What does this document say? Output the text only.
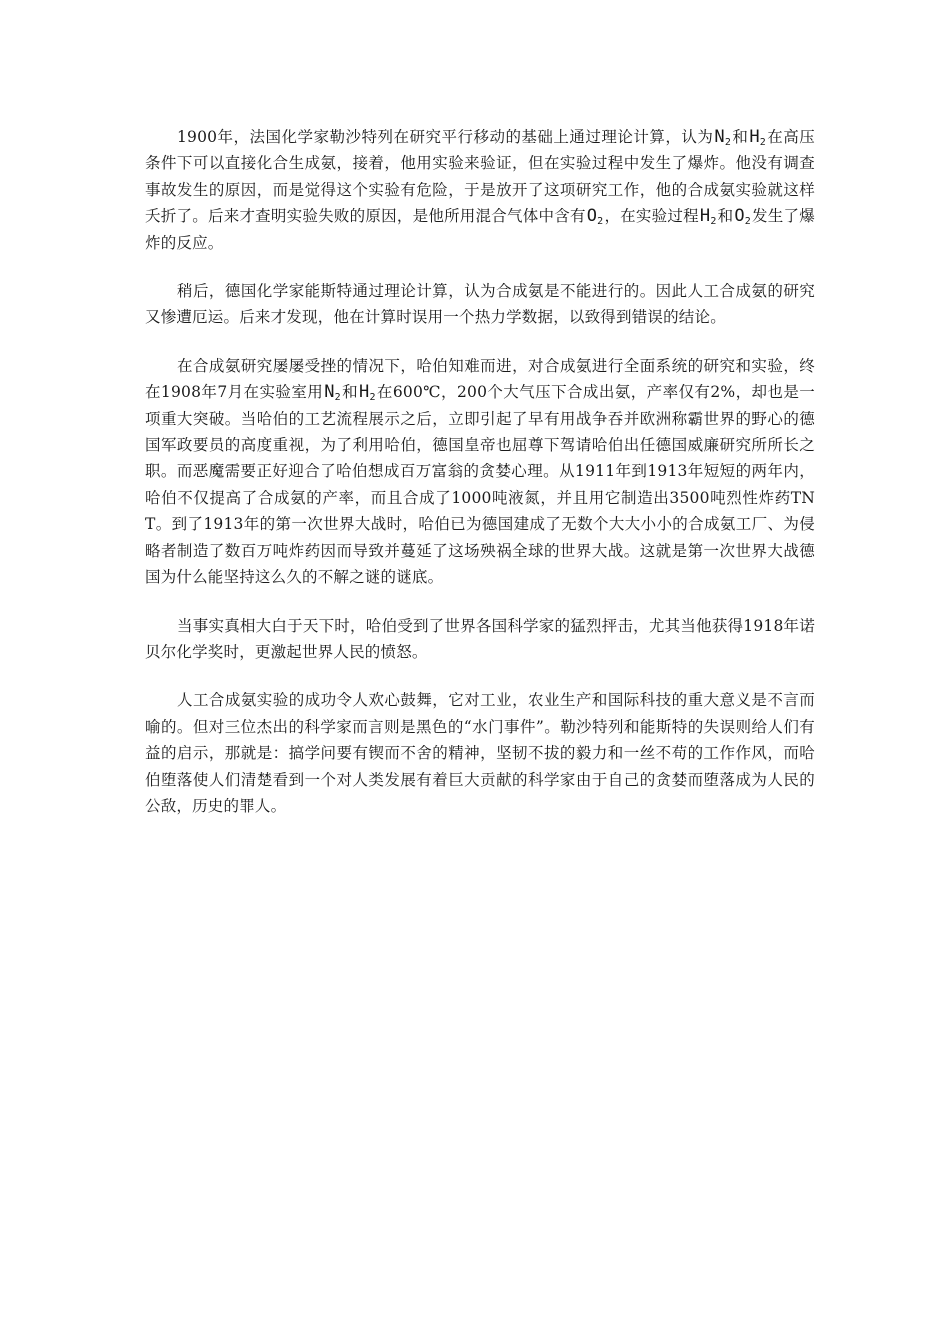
1900年，法国化学家勒沙特列在研究平行移动的基础上通过理论计算，认为$N_2$和$H_2$在高压条件下可以直接化合生成氨，接着，他用实验来验证，但在实验过程中发生了爆炸。他没有调查事故发生的原因，而是觉得这个实验有危险，于是放开了这项研究工作，他的合成氨实验就这样夭折了。后来才查明实验失败的原因，是他所用混合气体中含有$O_2$，在实验过程$H_2$和$O_2$发生了爆炸的反应。

稍后，德国化学家能斯特通过理论计算，认为合成氨是不能进行的。因此人工合成氨的研究又惨遭厄运。后来才发现，他在计算时误用一个热力学数据，以致得到错误的结论。

在合成氨研究屡屡受挫的情况下，哈伯知难而进，对合成氨进行全面系统的研究和实验，终在1908年7月在实验室用$N_2$和$H_2$在600℃，200个大气压下合成出氨，产率仅有2%，却也是一项重大突破。当哈伯的工艺流程展示之后，立即引起了早有用战争吞并欧洲称霸世界的野心的德国军政要员的高度重视，为了利用哈伯，德国皇帝也屈尊下驾请哈伯出任德国威廉研究所所长之职。而恶魔需要正好迎合了哈伯想成百万富翁的贪婪心理。从1911年到1913年短短的两年内，哈伯不仅提高了合成氨的产率，而且合成了1000吨液氮，并且用它制造出3500吨烈性炸药TNT。到了1913年的第一次世界大战时，哈伯已为德国建成了无数个大大小小的合成氨工厂、为侵略者制造了数百万吨炸药因而导致并蔓延了这场殃祸全球的世界大战。这就是第一次世界大战德国为什么能坚持这么久的不解之谜的谜底。

当事实真相大白于天下时，哈伯受到了世界各国科学家的猛烈抨击，尤其当他获得1918年诺贝尔化学奖时，更激起世界人民的愤怒。

人工合成氨实验的成功令人欢心鼓舞，它对工业，农业生产和国际科技的重大意义是不言而喻的。但对三位杰出的科学家而言则是黑色的“水门事件”。勒沙特列和能斯特的失误则给人们有益的启示，那就是：搞学问要有锲而不舍的精神，坚韧不拔的毅力和一丝不苟的工作作风，而哈伯堕落使人们清楚看到一个对人类发展有着巨大贡献的科学家由于自己的贪婪而堕落成为人民的公敌，历史的罪人。
